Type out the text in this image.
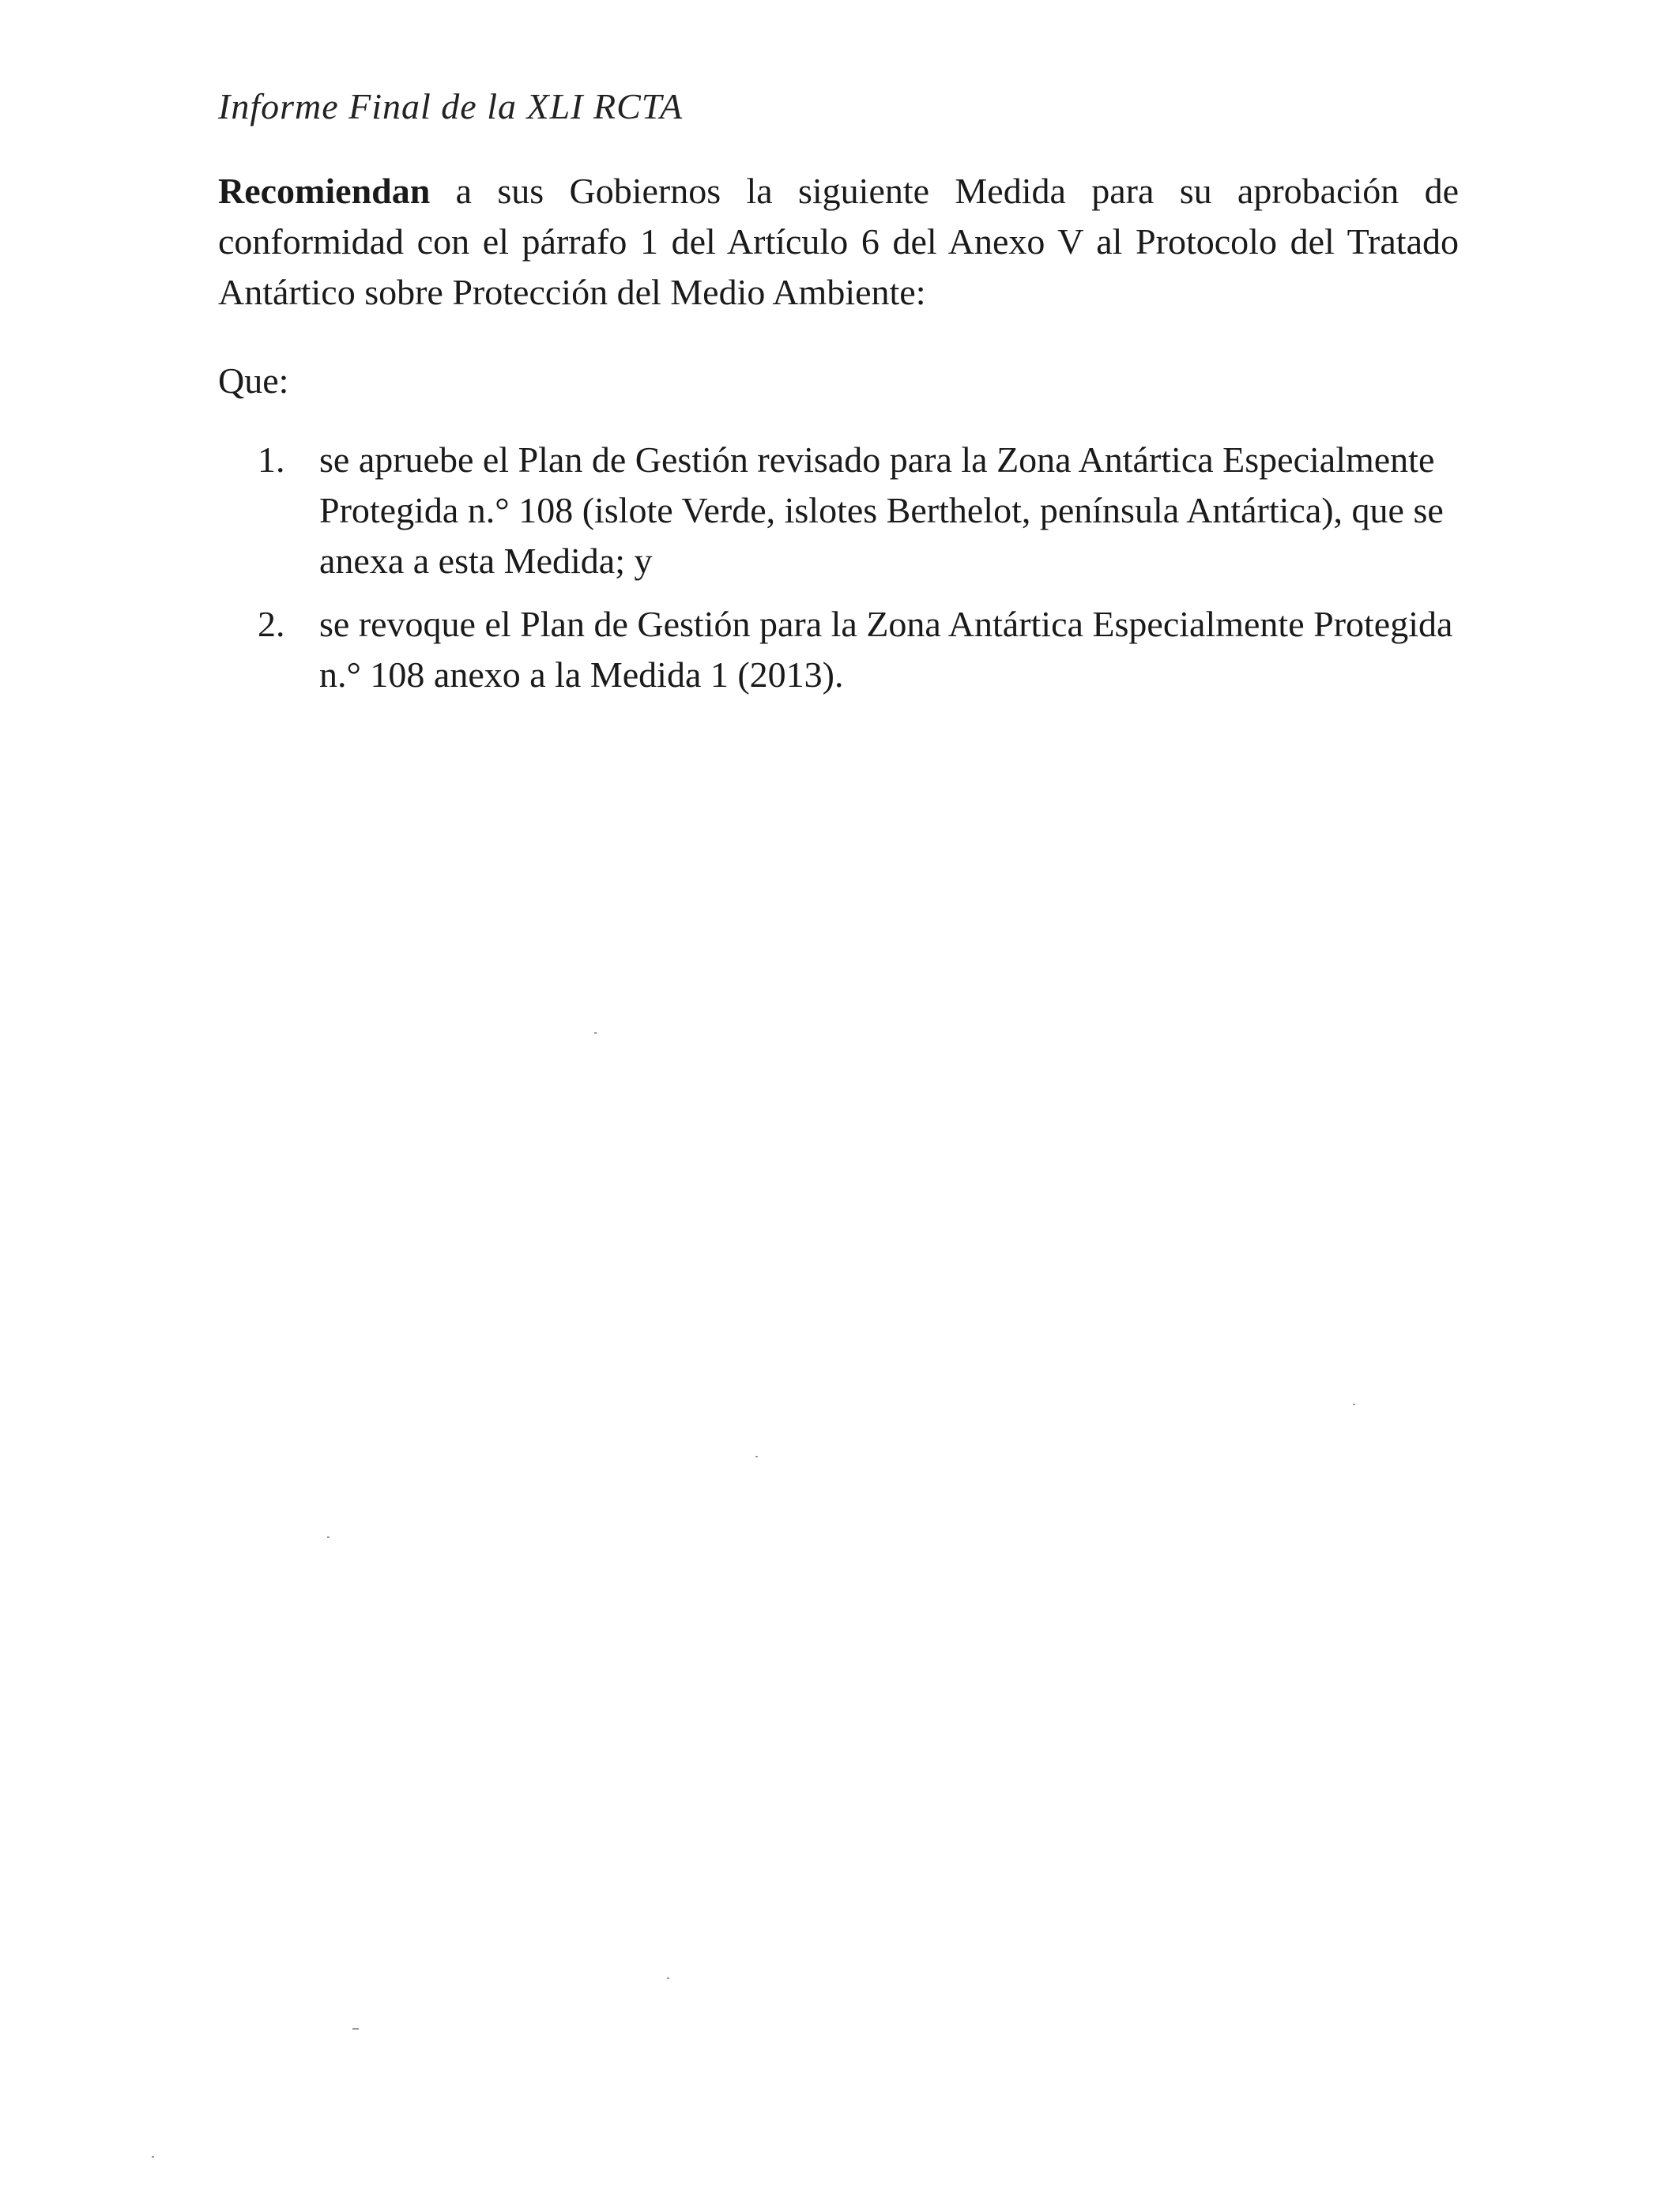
Informe Final de la XLI RCTA

Recomiendan a sus Gobiernos la siguiente Medida para su aprobación de conformidad con el párrafo 1 del Artículo 6 del Anexo V al Protocolo del Tratado Antártico sobre Protección del Medio Ambiente:

Que:
1. se apruebe el Plan de Gestión revisado para la Zona Antártica Especialmente Protegida n.° 108 (islote Verde, islotes Berthelot, península Antártica), que se anexa a esta Medida; y
2. se revoque el Plan de Gestión para la Zona Antártica Especialmente Protegida n.° 108 anexo a la Medida 1 (2013).
